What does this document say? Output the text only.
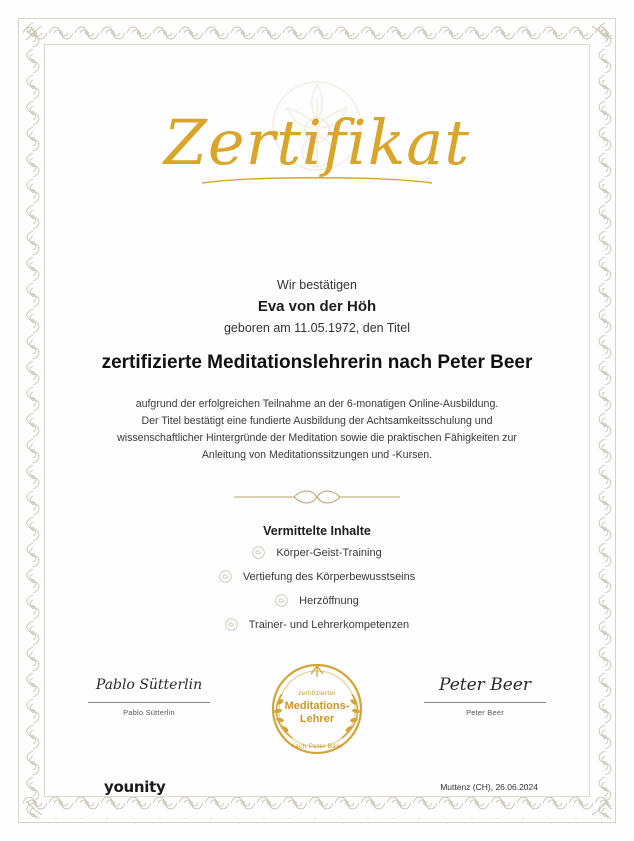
Zertifikat
Wir bestätigen
Eva von der Höh
geboren am 11.05.1972, den Titel
zertifizierte Meditationslehrerin nach Peter Beer
aufgrund der erfolgreichen Teilnahme an der 6-monatigen Online-Ausbildung.
Der Titel bestätigt eine fundierte Ausbildung der Achtsamkeitsschulung und
wissenschaftlicher Hintergründe der Meditation sowie die praktischen Fähigkeiten zur
Anleitung von Meditationssitzungen und -Kursen.
Vermittelte Inhalte
Körper-Geist-Training
Vertiefung des Körperbewusstseins
Herzöffnung
Trainer- und Lehrerkompetenzen
Pablo Sütterlin
Pablo Sütterlin
zertifizierter
Meditations-
Lehrer
nach Peter Beer
Peter Beer
Peter Beer
younity	Muttenz (CH), 26.06.2024
